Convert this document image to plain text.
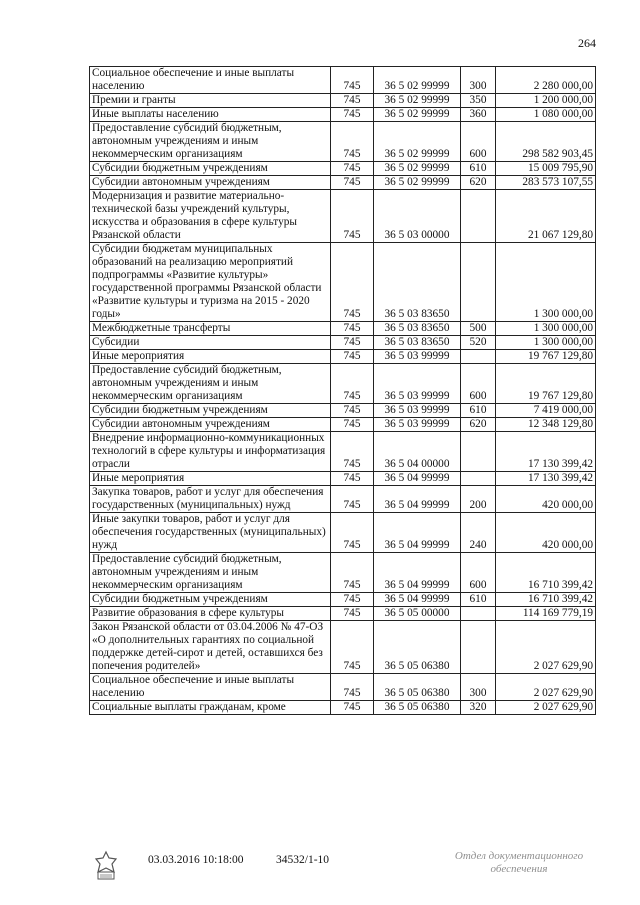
264
Социальное обеспечение и иные выплаты населению	745	36 5 02 99999	300	2 280 000,00
Премии и гранты	745	36 5 02 99999	350	1 200 000,00
Иные выплаты населению	745	36 5 02 99999	360	1 080 000,00
Предоставление субсидий бюджетным, автономным учреждениям и иным некоммерческим организациям	745	36 5 02 99999	600	298 582 903,45
Субсидии бюджетным учреждениям	745	36 5 02 99999	610	15 009 795,90
Субсидии автономным учреждениям	745	36 5 02 99999	620	283 573 107,55
Модернизация и развитие материально-технической базы учреждений культуры, искусства и образования в сфере культуры Рязанской области	745	36 5 03 00000		21 067 129,80
Субсидии бюджетам муниципальных образований на реализацию мероприятий подпрограммы «Развитие культуры» государственной программы Рязанской области «Развитие культуры и туризма на 2015 - 2020 годы»	745	36 5 03 83650		1 300 000,00
Межбюджетные трансферты	745	36 5 03 83650	500	1 300 000,00
Субсидии	745	36 5 03 83650	520	1 300 000,00
Иные мероприятия	745	36 5 03 99999		19 767 129,80
Предоставление субсидий бюджетным, автономным учреждениям и иным некоммерческим организациям	745	36 5 03 99999	600	19 767 129,80
Субсидии бюджетным учреждениям	745	36 5 03 99999	610	7 419 000,00
Субсидии автономным учреждениям	745	36 5 03 99999	620	12 348 129,80
Внедрение информационно-коммуникационных технологий в сфере культуры и информатизация отрасли	745	36 5 04 00000		17 130 399,42
Иные мероприятия	745	36 5 04 99999		17 130 399,42
Закупка товаров, работ и услуг для обеспечения государственных (муниципальных) нужд	745	36 5 04 99999	200	420 000,00
Иные закупки товаров, работ и услуг для обеспечения государственных (муниципальных) нужд	745	36 5 04 99999	240	420 000,00
Предоставление субсидий бюджетным, автономным учреждениям и иным некоммерческим организациям	745	36 5 04 99999	600	16 710 399,42
Субсидии бюджетным учреждениям	745	36 5 04 99999	610	16 710 399,42
Развитие образования в сфере культуры	745	36 5 05 00000		114 169 779,19
Закон Рязанской области от 03.04.2006 № 47-ОЗ «О дополнительных гарантиях по социальной поддержке детей-сирот и детей, оставшихся без попечения родителей»	745	36 5 05 06380		2 027 629,90
Социальное обеспечение и иные выплаты населению	745	36 5 05 06380	300	2 027 629,90
Социальные выплаты гражданам, кроме	745	36 5 05 06380	320	2 027 629,90
03.03.2016 10:18:00	34532/1-10	Отдел документационного
обеспечения
